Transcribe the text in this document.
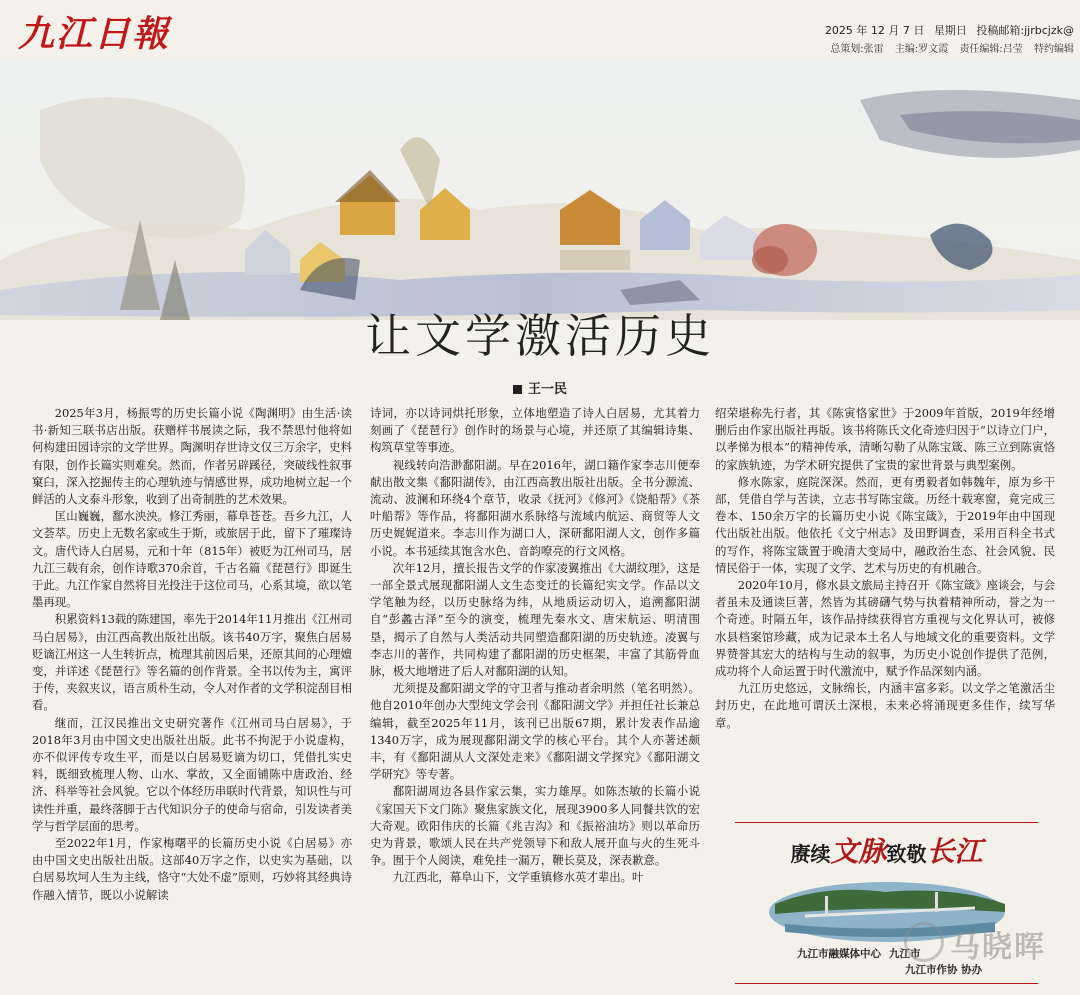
九江日報	2025 年 12 月 7 日 星期日 投稿邮箱:jjrbcjzk@
总策划:张雷 主编:罗文霞 责任编辑:吕莹 特约编辑
让文学激活历史
王一民

2025年3月，杨振雩的历史长篇小说《陶渊明》由生活·读书·新知三联书店出版。获赠样书展读之际，我不禁思忖他将如何构建田园诗宗的文学世界。陶渊明存世诗文仅三万余字，史料有限，创作长篇实则难矣。然而，作者另辟蹊径，突破线性叙事窠臼，深入挖掘传主的心理轨迹与情感世界，成功地树立起一个鲜活的人文泰斗形象，收到了出奇制胜的艺术效果。

匡山巍巍，鄱水泱泱。修江秀丽，幕阜苍苍。吾乡九江，人文荟萃。历史上无数名家或生于斯，或旅居于此，留下了璀璨诗文。唐代诗人白居易，元和十年（815年）被贬为江州司马，居九江三载有余，创作诗歌370余首，千古名篇《琵琶行》即诞生于此。九江作家自然将目光投注于这位司马，心系其境，欲以笔墨再现。

积累资料13载的陈建国，率先于2014年11月推出《江州司马白居易》，由江西高教出版社出版。该书40万字，聚焦白居易贬谪江州这一人生转折点，梳理其前因后果，还原其间的心理嬗变，并详述《琵琶行》等名篇的创作背景。全书以传为主，寓评于传，夹叙夹议，语言质朴生动，令人对作者的文学积淀刮目相看。

继而，江汉民推出文史研究著作《江州司马白居易》，于2018年3月由中国文史出版社出版。此书不拘泥于小说虚构，亦不似评传专攻生平，而是以白居易贬谪为切口，凭借扎实史料，既细致梳理人物、山水、掌故，又全面铺陈中唐政治、经济、科举等社会风貌。它以个体经历串联时代背景，知识性与可读性并重，最终落脚于古代知识分子的使命与宿命，引发读者美学与哲学层面的思考。

至2022年1月，作家梅曙平的长篇历史小说《白居易》亦由中国文史出版社出版。这部40万字之作，以史实为基础，以白居易坎坷人生为主线，恪守“大处不虚”原则，巧妙将其经典诗作融入情节，既以小说解读

诗词，亦以诗词烘托形象，立体地塑造了诗人白居易，尤其着力刻画了《琵琶行》创作时的场景与心境，并还原了其编辑诗集、构筑草堂等事迹。

视线转向浩渺鄱阳湖。早在2016年，湖口籍作家李志川便奉献出散文集《鄱阳湖传》，由江西高教出版社出版。全书分源流、流动、波澜和环绕4个章节，收录《抚河》《修河》《饶船帮》《茶叶船帮》等作品，将鄱阳湖水系脉络与流域内航运、商贸等人文历史娓娓道来。李志川作为湖口人，深研鄱阳湖人文，创作多篇小说。本书延续其饱含水色、音韵嘹亮的行文风格。

次年12月，擅长报告文学的作家凌翼推出《大湖纹理》，这是一部全景式展现鄱阳湖人文生态变迁的长篇纪实文学。作品以文学笔触为经，以历史脉络为纬，从地质运动切入，追溯鄱阳湖自“彭蠡古泽”至今的演变，梳理先秦水文、唐宋航运、明清围垦，揭示了自然与人类活动共同塑造鄱阳湖的历史轨迹。凌翼与李志川的著作，共同构建了鄱阳湖的历史框架，丰富了其筋骨血脉，极大地增进了后人对鄱阳湖的认知。

尤须提及鄱阳湖文学的守卫者与推动者余明然（笔名明然）。他自2010年创办大型纯文学会刊《鄱阳湖文学》并担任社长兼总编辑，截至2025年11月，该刊已出版67期，累计发表作品逾1340万字，成为展现鄱阳湖文学的核心平台。其个人亦著述颇丰，有《鄱阳湖从人文深处走来》《鄱阳湖文学探究》《鄱阳湖文学研究》等专著。

鄱阳湖周边各县作家云集，实力雄厚。如陈杰敏的长篇小说《家国天下文门陈》聚焦家族文化，展现3900多人同餐共饮的宏大奇观。欧阳伟庆的长篇《兆吉沟》和《振裕油坊》则以革命历史为背景，歌颂人民在共产党领导下和敌人展开血与火的生死斗争。囿于个人阅读，难免挂一漏万，鞭长莫及，深表歉意。

九江西北，幕阜山下，文学重镇修水英才辈出。叶

绍荣堪称先行者，其《陈寅恪家世》于2009年首版，2019年经增删后由作家出版社再版。该书将陈氏文化奇迹归因于“以诗立门户，以孝悌为根本”的精神传承，清晰勾勒了从陈宝箴、陈三立到陈寅恪的家族轨迹，为学术研究提供了宝贵的家世背景与典型案例。

修水陈家，庭院深深。然而，更有勇毅者如韩魏年，原为乡干部，凭借自学与苦读，立志书写陈宝箴。历经十载寒窗，竟完成三卷本、150余万字的长篇历史小说《陈宝箴》，于2019年由中国现代出版社出版。他依托《文宁州志》及田野调查，采用百科全书式的写作，将陈宝箴置于晚清大变局中，融政治生态、社会风貌、民情民俗于一体，实现了文学、艺术与历史的有机融合。

2020年10月，修水县文旅局主持召开《陈宝箴》座谈会，与会者虽未及通读巨著，然皆为其磅礴气势与执着精神所动，誉之为一个奇迹。时隔五年，该作品持续获得官方重视与文化界认可，被修水县档案馆珍藏，成为记录本土名人与地域文化的重要资料。文学界赞誉其宏大的结构与生动的叙事，为历史小说创作提供了范例，成功将个人命运置于时代激流中，赋予作品深刻内涵。

九江历史悠远，文脉绵长，内涵丰富多彩。以文学之笔激活尘封历史，在此地可谓沃土深根，未来必将涌现更多佳作，续写华章。

赓续文脉致敬长江
九江市融媒体中心 九江市
九江市作协 协办
马晓晖
